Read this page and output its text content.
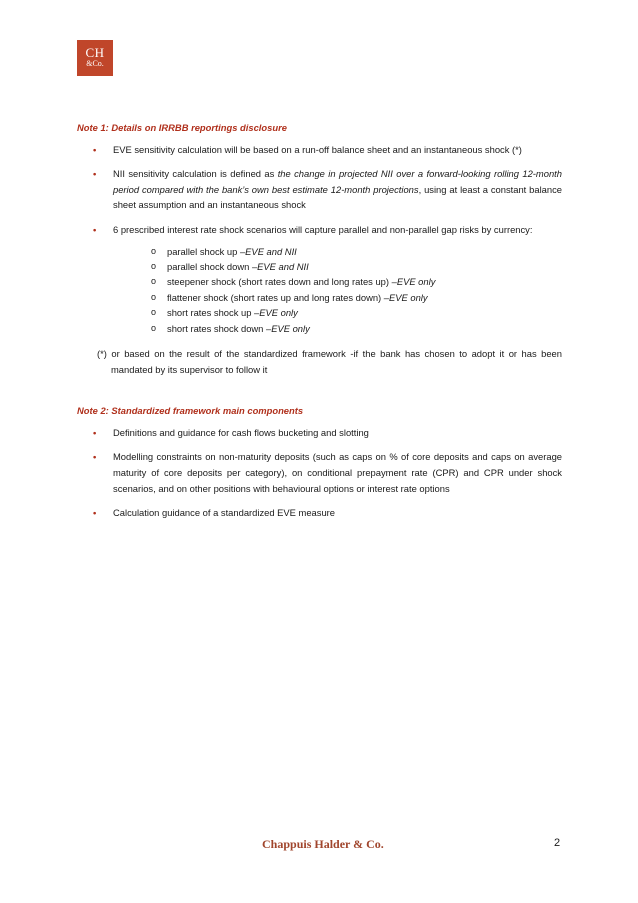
CH
&Co.

Note 1: Details on IRRBB reportings disclosure

• EVE sensitivity calculation will be based on a run-off balance sheet and an instantaneous shock (*)
• NII sensitivity calculation is defined as the change in projected NII over a forward-looking rolling 12-month period compared with the bank’s own best estimate 12-month projections, using at least a constant balance sheet assumption and an instantaneous shock
• 6 prescribed interest rate shock scenarios will capture parallel and non-parallel gap risks by currency:
o parallel shock up –EVE and NII
o parallel shock down –EVE and NII
o steepener shock (short rates down and long rates up) –EVE only
o flattener shock (short rates up and long rates down) –EVE only
o short rates shock up –EVE only
o short rates shock down –EVE only

(*) or based on the result of the standardized framework -if the bank has chosen to adopt it or has been mandated by its supervisor to follow it

Note 2: Standardized framework main components

• Definitions and guidance for cash flows bucketing and slotting
• Modelling constraints on non-maturity deposits (such as caps on % of core deposits and caps on average maturity of core deposits per category), on conditional prepayment rate (CPR) and CPR under shock scenarios, and on other positions with behavioural options or interest rate options
• Calculation guidance of a standardized EVE measure
Chappuis Halder & Co.	2
